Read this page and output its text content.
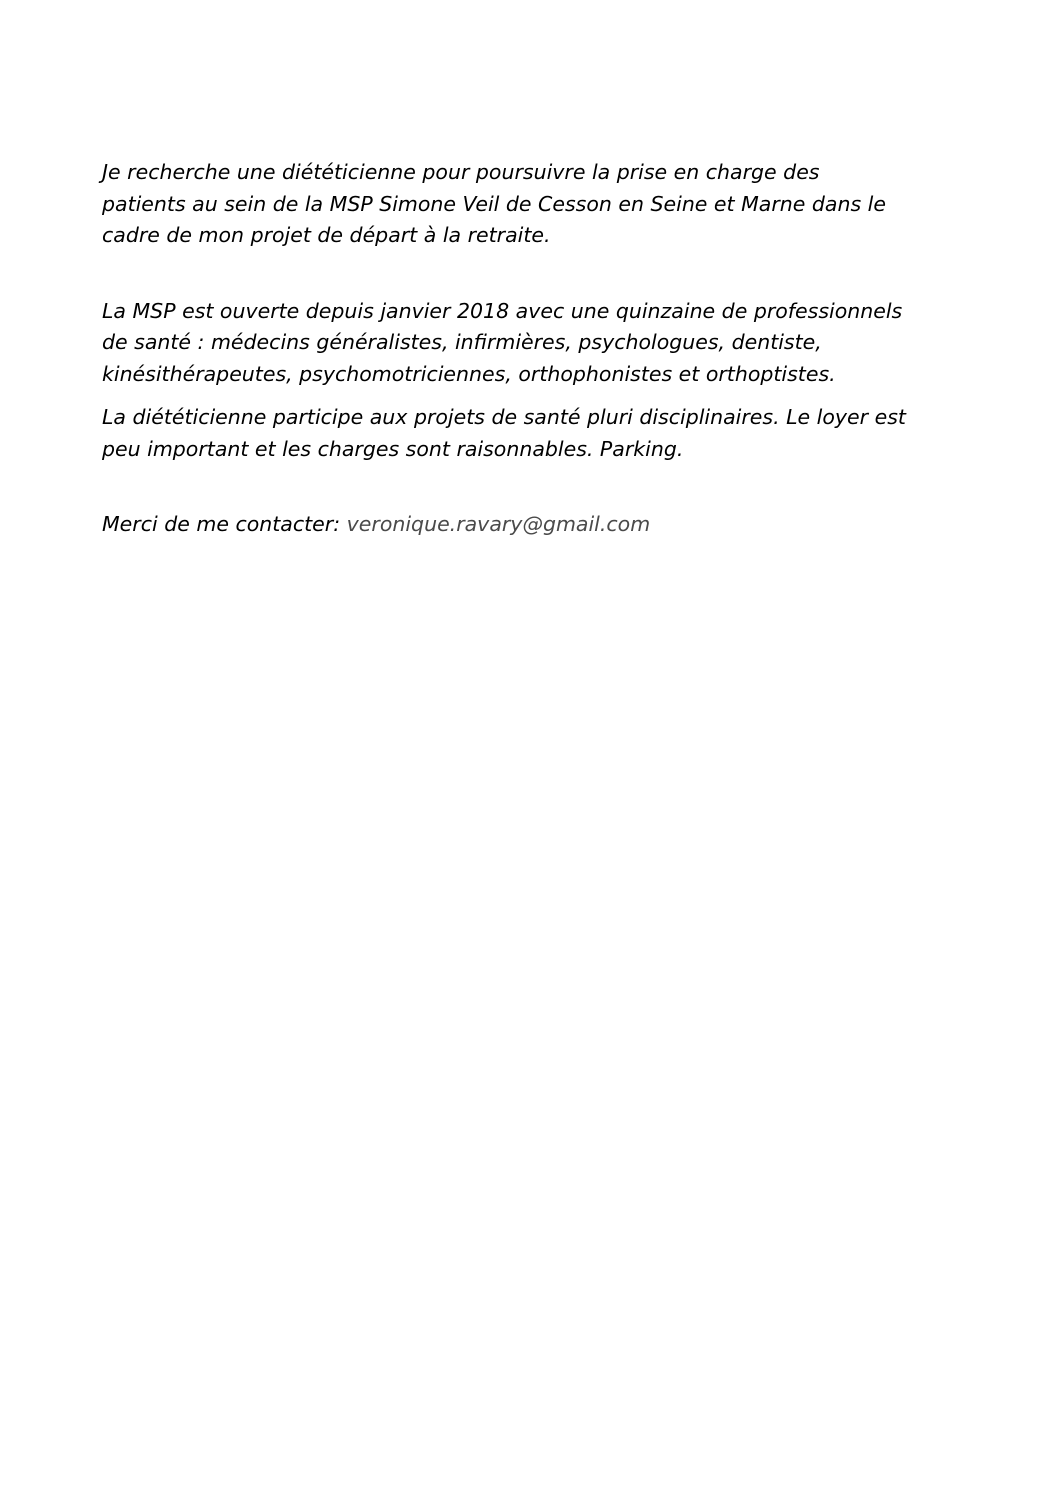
Je recherche une diététicienne pour poursuivre la prise en charge des
patients au sein de la MSP Simone Veil de Cesson en Seine et Marne dans le
cadre de mon projet de départ à la retraite.

La MSP est ouverte depuis janvier 2018 avec une quinzaine de professionnels
de santé : médecins généralistes, infirmières, psychologues, dentiste,
kinésithérapeutes, psychomotriciennes, orthophonistes et orthoptistes.

La diététicienne participe aux projets de santé pluri disciplinaires. Le loyer est
peu important et les charges sont raisonnables. Parking.

Merci de me contacter: veronique.ravary@gmail.com
